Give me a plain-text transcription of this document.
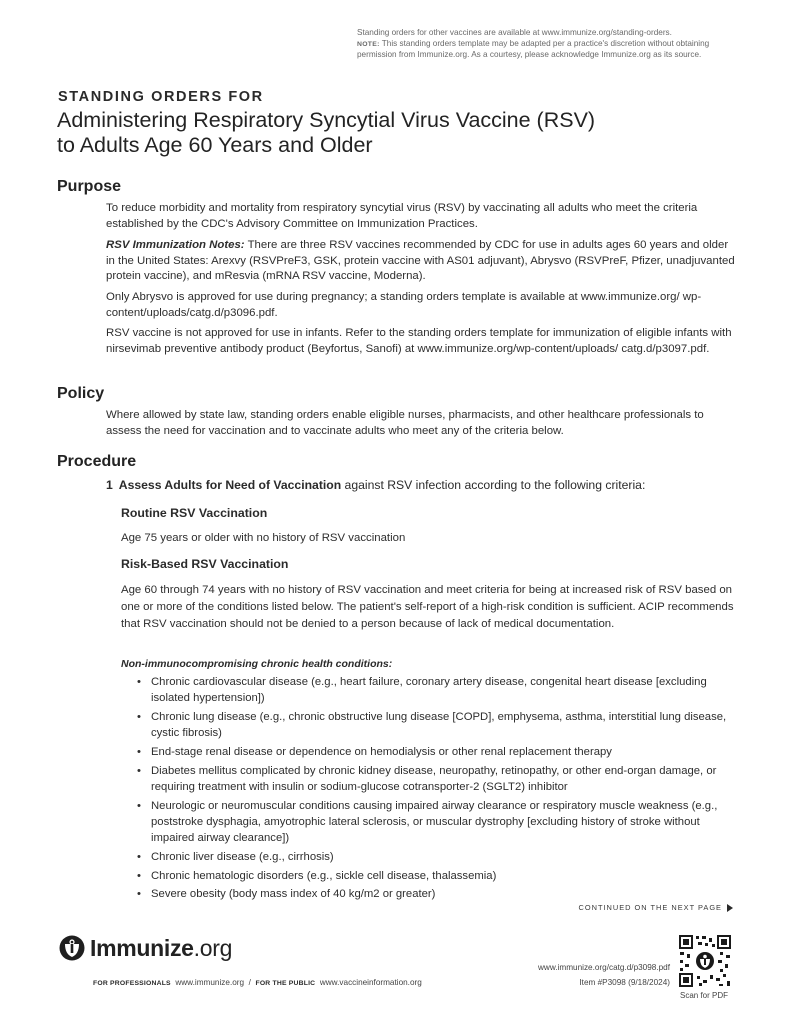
Standing orders for other vaccines are available at www.immunize.org/standing-orders.
NOTE: This standing orders template may be adapted per a practice's discretion without obtaining permission from Immunize.org. As a courtesy, please acknowledge Immunize.org as its source.
STANDING ORDERS FOR
Administering Respiratory Syncytial Virus Vaccine (RSV)
to Adults Age 60 Years and Older
Purpose

To reduce morbidity and mortality from respiratory syncytial virus (RSV) by vaccinating all adults who meet the criteria established by the CDC's Advisory Committee on Immunization Practices.

RSV Immunization Notes: There are three RSV vaccines recommended by CDC for use in adults ages 60 years and older in the United States: Arexvy (RSVPreF3, GSK, protein vaccine with AS01 adjuvant), Abrysvo (RSVPreF, Pfizer, unadjuvanted protein vaccine), and mResvia (mRNA RSV vaccine, Moderna).

Only Abrysvo is approved for use during pregnancy; a standing orders template is available at www.immunize.org/ wp-content/uploads/catg.d/p3096.pdf.

RSV vaccine is not approved for use in infants. Refer to the standing orders template for immunization of eligible infants with nirsevimab preventive antibody product (Beyfortus, Sanofi) at www.immunize.org/wp-content/uploads/ catg.d/p3097.pdf.

Policy

Where allowed by state law, standing orders enable eligible nurses, pharmacists, and other healthcare professionals to assess the need for vaccination and to vaccinate adults who meet any of the criteria below.

Procedure
1 Assess Adults for Need of Vaccination against RSV infection according to the following criteria:
Routine RSV Vaccination

Age 75 years or older with no history of RSV vaccination

Risk-Based RSV Vaccination

Age 60 through 74 years with no history of RSV vaccination and meet criteria for being at increased risk of RSV based on one or more of the conditions listed below. The patient's self-report of a high-risk condition is sufficient. ACIP recommends that RSV vaccination should not be denied to a person because of lack of medical documentation.

Non-immunocompromising chronic health conditions:
• Chronic cardiovascular disease (e.g., heart failure, coronary artery disease, congenital heart disease [excluding isolated hypertension])
• Chronic lung disease (e.g., chronic obstructive lung disease [COPD], emphysema, asthma, interstitial lung disease, cystic fibrosis)
• End-stage renal disease or dependence on hemodialysis or other renal replacement therapy
• Diabetes mellitus complicated by chronic kidney disease, neuropathy, retinopathy, or other end-organ damage, or requiring treatment with insulin or sodium-glucose cotransporter-2 (SGLT2) inhibitor
• Neurologic or neuromuscular conditions causing impaired airway clearance or respiratory muscle weakness (e.g., poststroke dysphagia, amyotrophic lateral sclerosis, or muscular dystrophy [excluding history of stroke without impaired airway clearance])
• Chronic liver disease (e.g., cirrhosis)
• Chronic hematologic disorders (e.g., sickle cell disease, thalassemia)
• Severe obesity (body mass index of 40 kg/m2 or greater)
CONTINUED ON THE NEXT PAGE
Immunize.org
FOR PROFESSIONALS www.immunize.org / FOR THE PUBLIC www.vaccineinformation.org
www.immunize.org/catg.d/p3098.pdf
Item #P3098 (9/18/2024)
Scan for PDF
